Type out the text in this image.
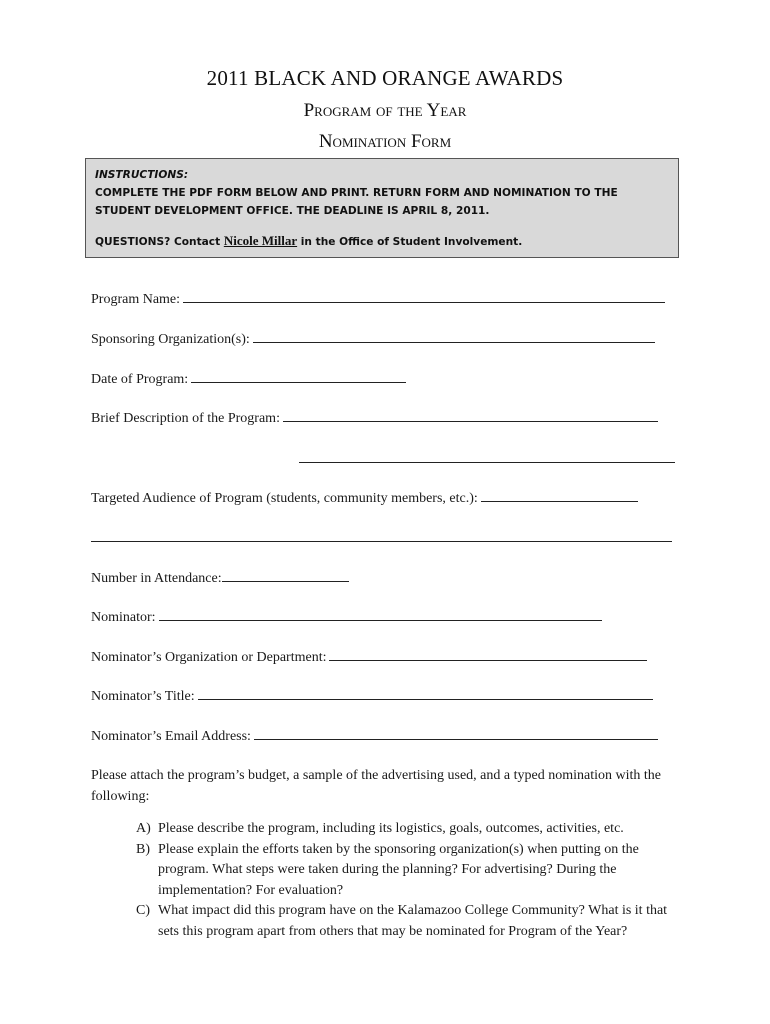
2011 BLACK AND ORANGE AWARDS
Program of the Year
Nomination Form
INSTRUCTIONS:
COMPLETE THE PDF FORM BELOW AND PRINT. RETURN FORM AND NOMINATION TO THE STUDENT DEVELOPMENT OFFICE. THE DEADLINE IS APRIL 8, 2011.
QUESTIONS? Contact Nicole Millar in the Office of Student Involvement.
Program Name:
Sponsoring Organization(s):
Date of Program:
Brief Description of the Program:
Targeted Audience of Program (students, community members, etc.):
Number in Attendance:
Nominator:
Nominator’s Organization or Department:
Nominator’s Title:
Nominator’s Email Address:
Please attach the program’s budget, a sample of the advertising used, and a typed nomination with the following:
A) Please describe the program, including its logistics, goals, outcomes, activities, etc.
B) Please explain the efforts taken by the sponsoring organization(s) when putting on the program. What steps were taken during the planning? For advertising? During the implementation? For evaluation?
C) What impact did this program have on the Kalamazoo College Community? What is it that sets this program apart from others that may be nominated for Program of the Year?
